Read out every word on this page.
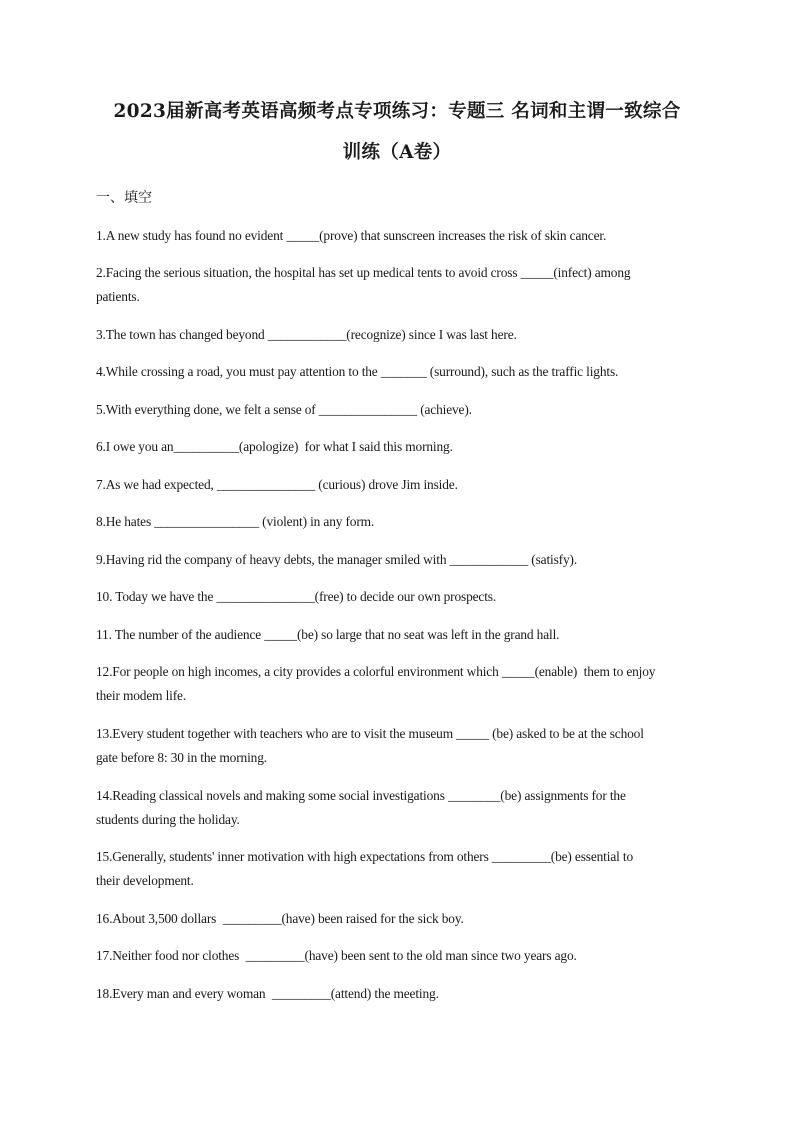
2023届新高考英语高频考点专项练习：专题三 名词和主谓一致综合
训练（A卷）
一、填空
1.A new study has found no evident _____(prove) that sunscreen increases the risk of skin cancer.
2.Facing the serious situation, the hospital has set up medical tents to avoid cross _____(infect) among
patients.
3.The town has changed beyond ____________(recognize) since I was last here.
4.While crossing a road, you must pay attention to the _______ (surround), such as the traffic lights.
5.With everything done, we felt a sense of _______________ (achieve).
6.I owe you an__________(apologize)  for what I said this morning.
7.As we had expected, _______________ (curious) drove Jim inside.
8.He hates ________________ (violent) in any form.
9.Having rid the company of heavy debts, the manager smiled with ____________ (satisfy).
10. Today we have the _______________(free) to decide our own prospects.
11. The number of the audience _____(be) so large that no seat was left in the grand hall.
12.For people on high incomes, a city provides a colorful environment which _____(enable)  them to enjoy
their modem life.
13.Every student together with teachers who are to visit the museum _____ (be) asked to be at the school
gate before 8: 30 in the morning.
14.Reading classical novels and making some social investigations ________(be) assignments for the
students during the holiday.
15.Generally, students' inner motivation with high expectations from others _________(be) essential to
their development.
16.About 3,500 dollars  _________(have) been raised for the sick boy.
17.Neither food nor clothes  _________(have) been sent to the old man since two years ago.
18.Every man and every woman  _________(attend) the meeting.
